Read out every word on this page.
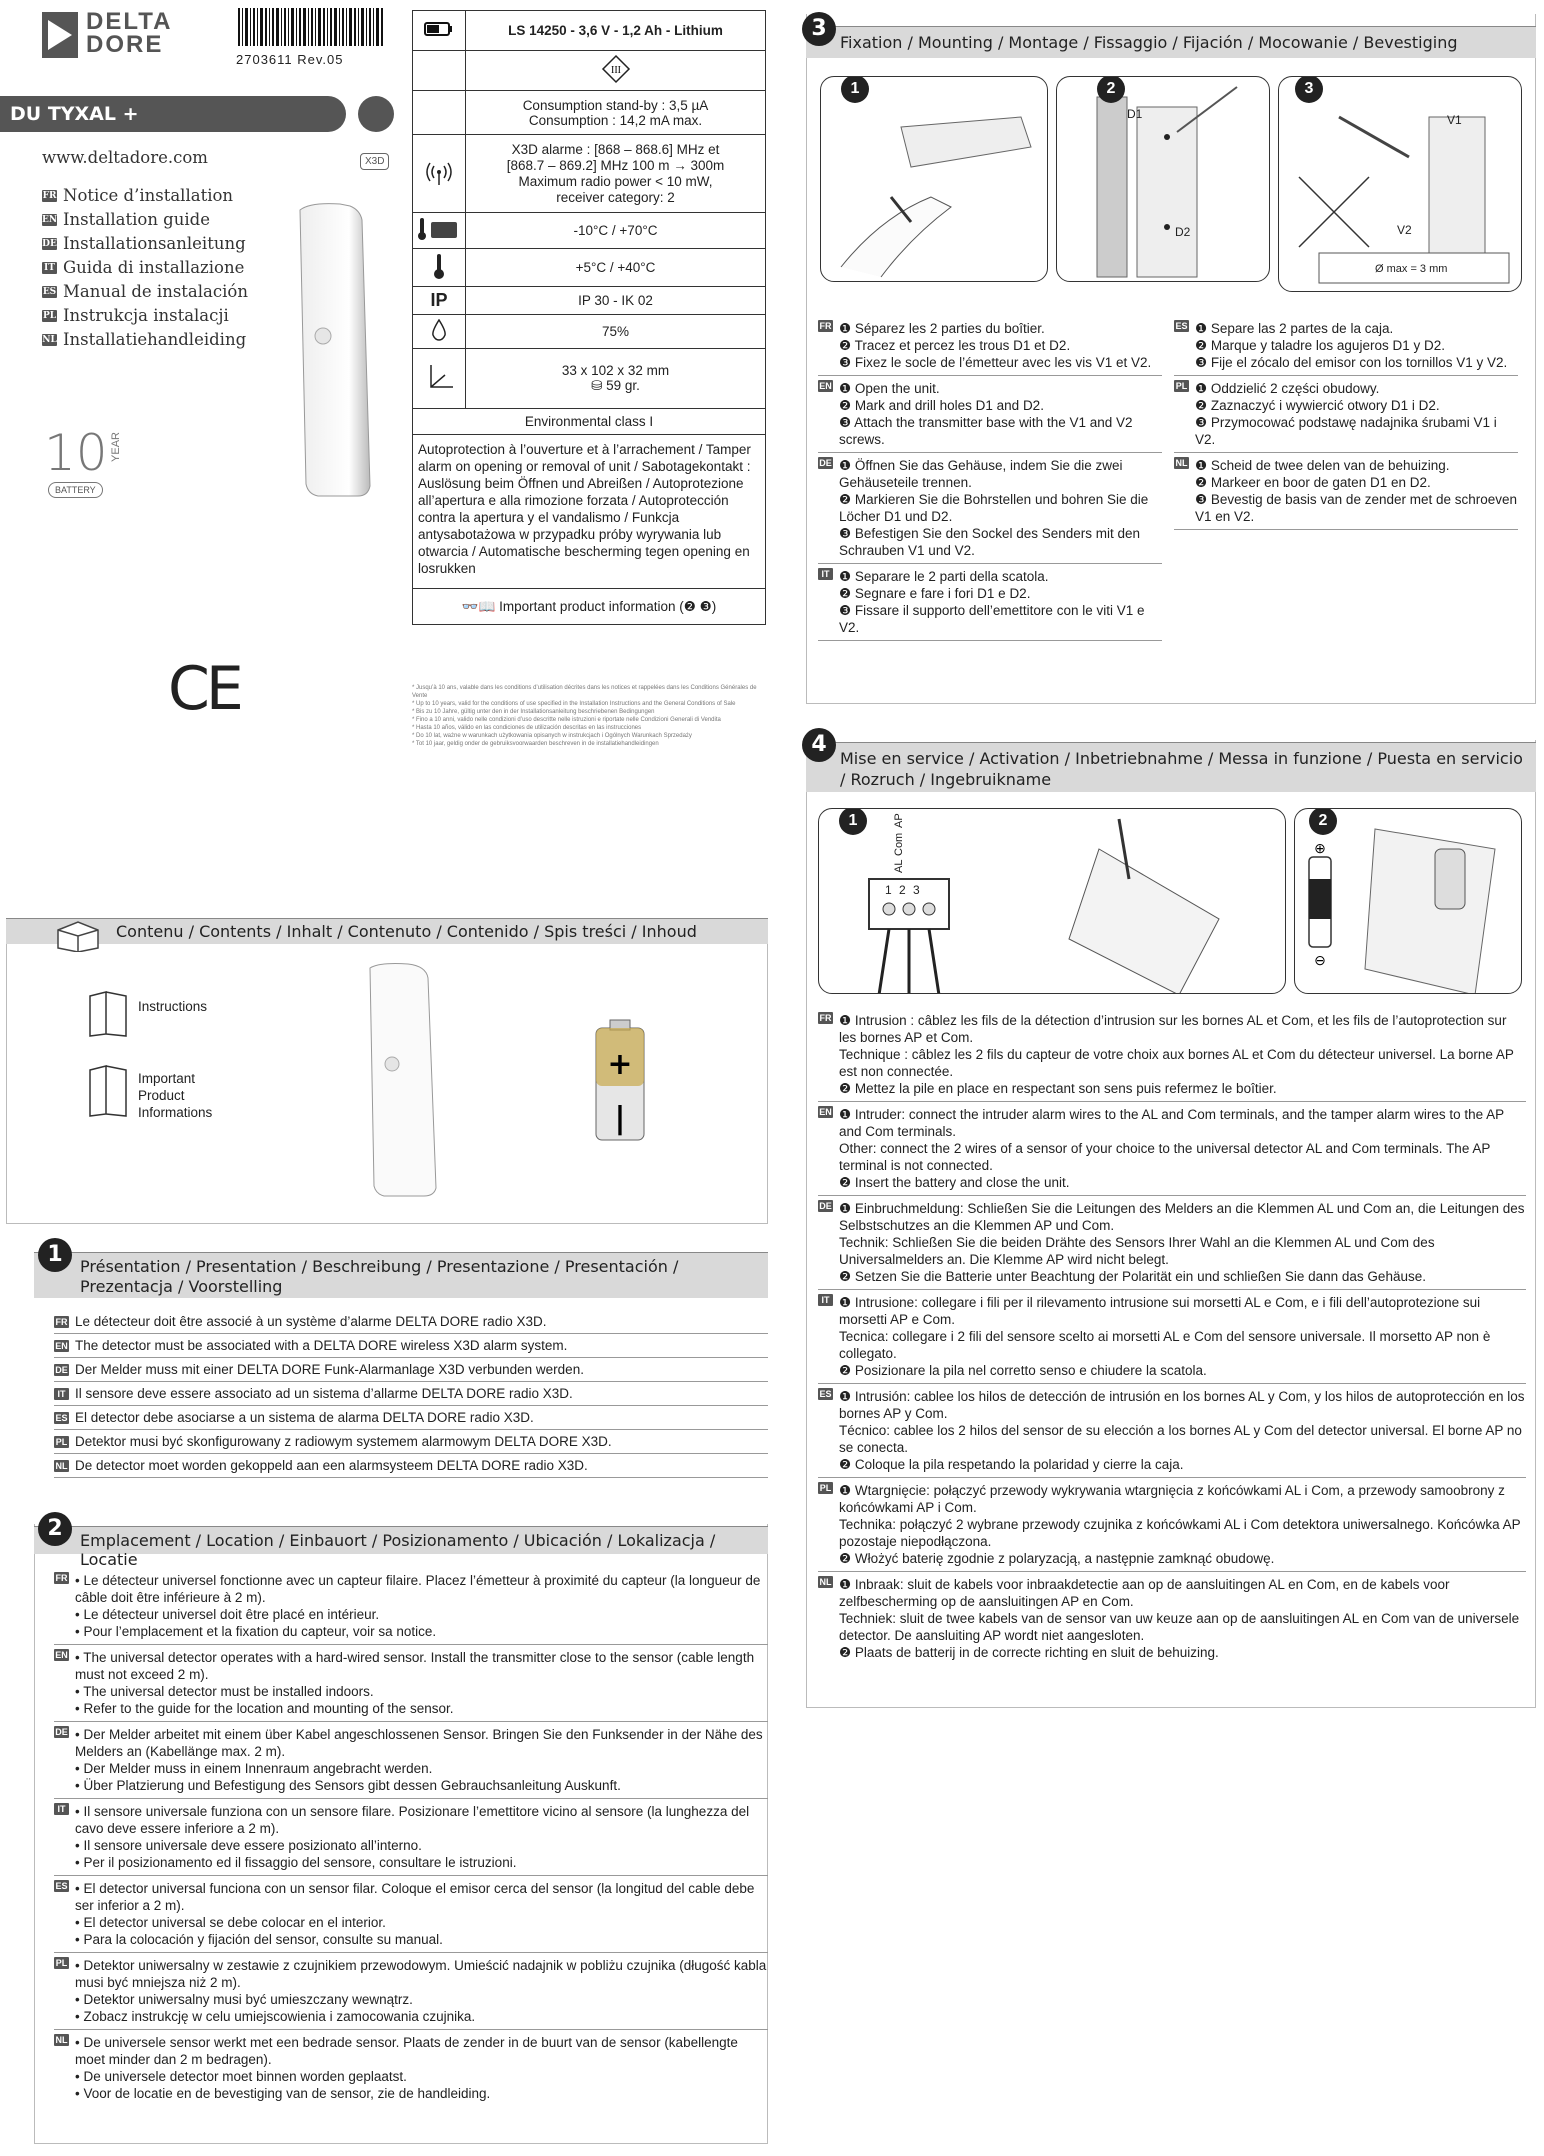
DELTA
DORE
2703611 Rev.05
DU TYXAL +
www.deltadore.com	X3D
FR Notice d’installation
EN Installation guide
DE Installationsanleitung
IT Guida di installazione
ES Manual de instalación
PL Instrukcja instalacji
NL Installatiehandleiding
10 YEAR
BATTERY
CE
	LS 14250 - 3,6 V - 1,2 Ah - Lithium

III

	Consumption stand-by : 3,5 µA
Consumption : 14,2 mA max.

X3D alarme : [868 – 868.6] MHz et
[868.7 – 869.2] MHz 100 m → 300m
Maximum radio power < 10 mW,
receiver category: 2

	-10°C / +70°C
	+5°C / +40°C
IP	IP 30 - IK 02
	75%

33 x 102 x 32 mm
⛁ 59 gr.

Environmental class I	
Autoprotection à l’ouverture et à l’arrachement / Tamper alarm on opening or removal of unit / Sabotagekontakt : Auslösung beim Öffnen und Abreißen / Autoprotezione all’apertura e alla rimozione forzata / Autoprotección contra la apertura y el vandalismo / Funkcja antysabotażowa w przypadku próby wyrywania lub otwarcia / Automatische bescherming tegen opening en losrukken	
👓📖 Important product information (❷ ❸)	
* Jusqu’à 10 ans, valable dans les conditions d’utilisation décrites dans les notices et rappelées dans les Conditions Générales de Vente
* Up to 10 years, valid for the conditions of use specified in the Installation Instructions and the General Conditions of Sale
* Bis zu 10 Jahre, gültig unter den in der Installationsanleitung beschriebenen Bedingungen
* Fino a 10 anni, valido nelle condizioni d’uso descritte nelle istruzioni e riportate nelle Condizioni Generali di Vendita
* Hasta 10 años, válido en las condiciones de utilización descritas en las instrucciones
* Do 10 lat, ważne w warunkach użytkowania opisanych w instrukcjach i Ogólnych Warunkach Sprzedaży
* Tot 10 jaar, geldig onder de gebruiksvoorwaarden beschreven in de installatiehandleidingen
Contenu / Contents / Inhalt / Contenuto / Contenido / Spis treści / Inhoud
Instructions
Important
Product
Informations
+
|
Présentation / Presentation / Beschreibung / Presentazione / Presentación / Prezentacja / Voorstelling
1
FR Le détecteur doit être associé à un système d’alarme DELTA DORE radio X3D.
EN The detector must be associated with a DELTA DORE wireless X3D alarm system.
DE Der Melder muss mit einer DELTA DORE Funk-Alarmanlage X3D verbunden werden.
IT Il sensore deve essere associato ad un sistema d’allarme DELTA DORE radio X3D.
ES El detector debe asociarse a un sistema de alarma DELTA DORE radio X3D.
PL Detektor musi być skonfigurowany z radiowym systemem alarmowym DELTA DORE X3D.
NL De detector moet worden gekoppeld aan een alarmsysteem DELTA DORE radio X3D.
Emplacement / Location / Einbauort / Posizionamento / Ubicación / Lokalizacja / Locatie
2
FR • Le détecteur universel fonctionne avec un capteur filaire. Placez l’émetteur à proximité du capteur (la longueur de câble doit être inférieure à 2 m).
• Le détecteur universel doit être placé en intérieur.
• Pour l’emplacement et la fixation du capteur, voir sa notice.
EN • The universal detector operates with a hard-wired sensor. Install the transmitter close to the sensor (cable length must not exceed 2 m).
• The universal detector must be installed indoors.
• Refer to the guide for the location and mounting of the sensor.
DE • Der Melder arbeitet mit einem über Kabel angeschlossenen Sensor. Bringen Sie den Funksender in der Nähe des Melders an (Kabellänge max. 2 m).
• Der Melder muss in einem Innenraum angebracht werden.
• Über Platzierung und Befestigung des Sensors gibt dessen Gebrauchsanleitung Auskunft.
IT • Il sensore universale funziona con un sensore filare. Posizionare l’emettitore vicino al sensore (la lunghezza del cavo deve essere inferiore a 2 m).
• Il sensore universale deve essere posizionato all’interno.
• Per il posizionamento ed il fissaggio del sensore, consultare le istruzioni.
ES • El detector universal funciona con un sensor filar. Coloque el emisor cerca del sensor (la longitud del cable debe ser inferior a 2 m).
• El detector universal se debe colocar en el interior.
• Para la colocación y fijación del sensor, consulte su manual.
PL • Detektor uniwersalny w zestawie z czujnikiem przewodowym. Umieścić nadajnik w pobliżu czujnika (długość kabla musi być mniejsza niż 2 m).
• Detektor uniwersalny musi być umieszczany wewnątrz.
• Zobacz instrukcję w celu umiejscowienia i zamocowania czujnika.
NL • De universele sensor werkt met een bedrade sensor. Plaats de zender in de buurt van de sensor (kabellengte moet minder dan 2 m bedragen).
• De universele detector moet binnen worden geplaatst.
• Voor de locatie en de bevestiging van de sensor, zie de handleiding.
Fixation / Mounting / Montage / Fissaggio / Fijación / Mocowanie / Bevestiging
3
1	2
D1
D2
3
V1
V2
Ø max = 3 mm
FR ❶ Séparez les 2 parties du boîtier.
❷ Tracez et percez les trous D1 et D2.
❸ Fixez le socle de l’émetteur avec les vis V1 et V2.
EN ❶ Open the unit.
❷ Mark and drill holes D1 and D2.
❸ Attach the transmitter base with the V1 and V2 screws.
DE ❶ Öffnen Sie das Gehäuse, indem Sie die zwei Gehäuseteile trennen.
❷ Markieren Sie die Bohrstellen und bohren Sie die Löcher D1 und D2.
❸ Befestigen Sie den Sockel des Senders mit den Schrauben V1 und V2.
IT ❶ Separare le 2 parti della scatola.
❷ Segnare e fare i fori D1 e D2.
❸ Fissare il supporto dell’emettitore con le viti V1 e V2.
ES ❶ Separe las 2 partes de la caja.
❷ Marque y taladre los agujeros D1 y D2.
❸ Fije el zócalo del emisor con los tornillos V1 y V2.
PL ❶ Oddzielić 2 części obudowy.
❷ Zaznaczyć i wywiercić otwory D1 i D2.
❸ Przymocować podstawę nadajnika śrubami V1 i V2.
NL ❶ Scheid de twee delen van de behuizing.
❷ Markeer en boor de gaten D1 en D2.
❸ Bevestig de basis van de zender met de schroeven V1 en V2.
Mise en service / Activation / Inbetriebnahme / Messa in funzione / Puesta en servicio / Rozruch / Ingebruikname
4
1
AL
Com
AP
1 2 3
2
⊕
⊖
FR ❶ Intrusion : câblez les fils de la détection d’intrusion sur les bornes AL et Com, et les fils de l’autoprotection sur les bornes AP et Com.
Technique : câblez les 2 fils du capteur de votre choix aux bornes AL et Com du détecteur universel. La borne AP est non connectée.
❷ Mettez la pile en place en respectant son sens puis refermez le boîtier.
EN ❶ Intruder: connect the intruder alarm wires to the AL and Com terminals, and the tamper alarm wires to the AP and Com terminals.
Other: connect the 2 wires of a sensor of your choice to the universal detector AL and Com terminals. The AP terminal is not connected.
❷ Insert the battery and close the unit.
DE ❶ Einbruchmeldung: Schließen Sie die Leitungen des Melders an die Klemmen AL und Com an, die Leitungen des Selbstschutzes an die Klemmen AP und Com.
Technik: Schließen Sie die beiden Drähte des Sensors Ihrer Wahl an die Klemmen AL und Com des Universalmelders an. Die Klemme AP wird nicht belegt.
❷ Setzen Sie die Batterie unter Beachtung der Polarität ein und schließen Sie dann das Gehäuse.
IT ❶ Intrusione: collegare i fili per il rilevamento intrusione sui morsetti AL e Com, e i fili dell’autoprotezione sui morsetti AP e Com.
Tecnica: collegare i 2 fili del sensore scelto ai morsetti AL e Com del sensore universale. Il morsetto AP non è collegato.
❷ Posizionare la pila nel corretto senso e chiudere la scatola.
ES ❶ Intrusión: cablee los hilos de detección de intrusión en los bornes AL y Com, y los hilos de autoprotección en los bornes AP y Com.
Técnico: cablee los 2 hilos del sensor de su elección a los bornes AL y Com del detector universal. El borne AP no se conecta.
❷ Coloque la pila respetando la polaridad y cierre la caja.
PL ❶ Wtargnięcie: połączyć przewody wykrywania wtargnięcia z końcówkami AL i Com, a przewody samoobrony z końcówkami AP i Com.
Technika: połączyć 2 wybrane przewody czujnika z końcówkami AL i Com detektora uniwersalnego. Końcówka AP pozostaje niepodłączona.
❷ Włożyć baterię zgodnie z polaryzacją, a następnie zamknąć obudowę.
NL ❶ Inbraak: sluit de kabels voor inbraakdetectie aan op de aansluitingen AL en Com, en de kabels voor zelfbescherming op de aansluitingen AP en Com.
Techniek: sluit de twee kabels van de sensor van uw keuze aan op de aansluitingen AL en Com van de universele detector. De aansluiting AP wordt niet aangesloten.
❷ Plaats de batterij in de correcte richting en sluit de behuizing.
